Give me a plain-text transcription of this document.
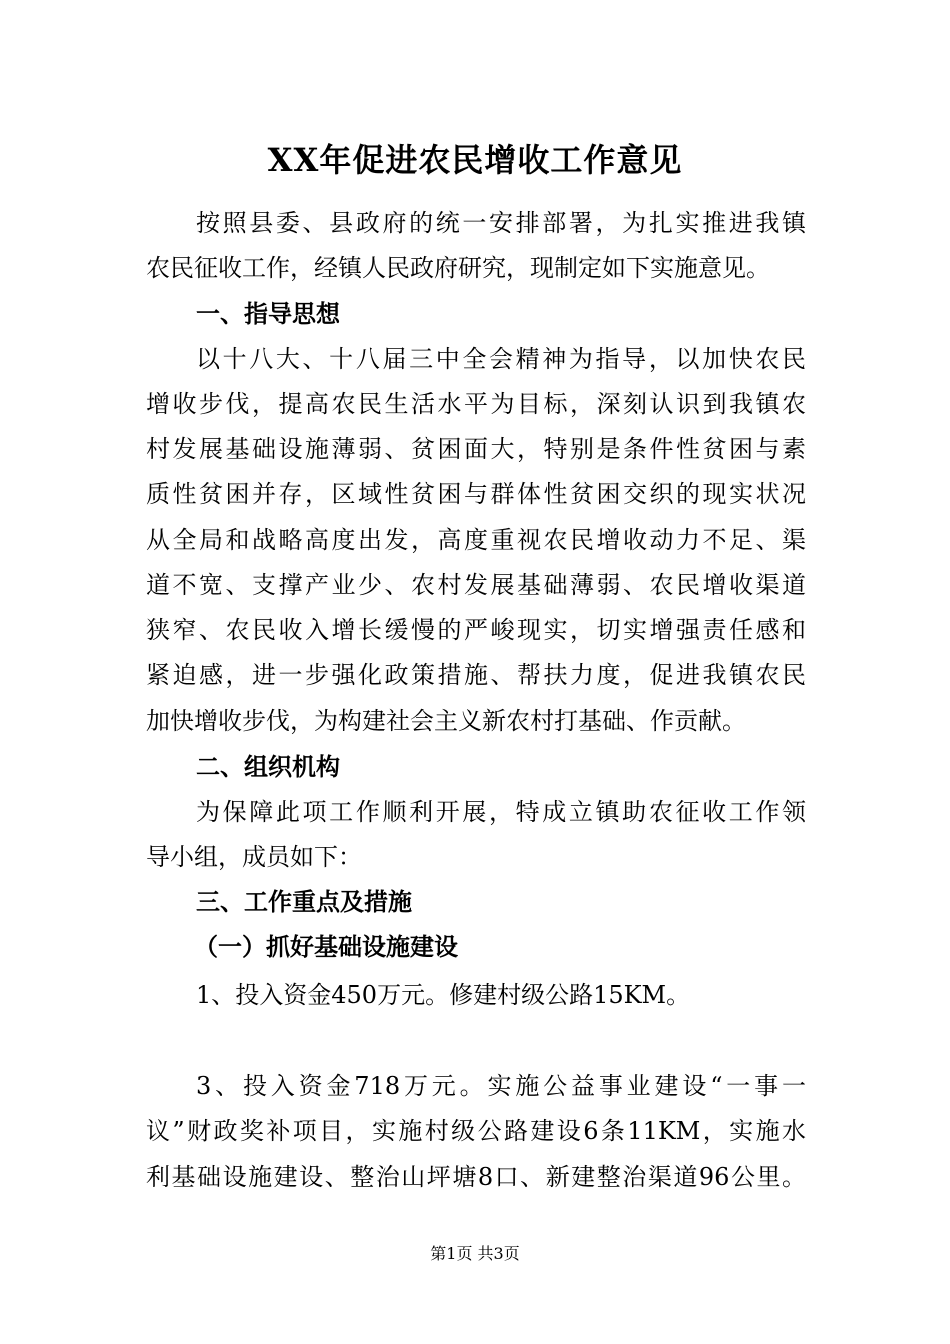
XX年促进农民增收工作意见
按照县委、县政府的统一安排部署，为扎实推进我镇
农民征收工作，经镇人民政府研究，现制定如下实施意见。
一、指导思想
以十八大、十八届三中全会精神为指导，以加快农民
增收步伐，提高农民生活水平为目标，深刻认识到我镇农
村发展基础设施薄弱、贫困面大，特别是条件性贫困与素
质性贫困并存，区域性贫困与群体性贫困交织的现实状况
从全局和战略高度出发，高度重视农民增收动力不足、渠
道不宽、支撑产业少、农村发展基础薄弱、农民增收渠道
狭窄、农民收入增长缓慢的严峻现实，切实增强责任感和
紧迫感，进一步强化政策措施、帮扶力度，促进我镇农民
加快增收步伐，为构建社会主义新农村打基础、作贡献。
二、组织机构
为保障此项工作顺利开展，特成立镇助农征收工作领
导小组，成员如下：
三、工作重点及措施
（一）抓好基础设施建设
1、投入资金450万元。修建村级公路15KM。
3、投入资金718万元。实施公益事业建设“一事一
议”财政奖补项目，实施村级公路建设6条11KM，实施水
利基础设施建设、整治山坪塘8口、新建整治渠道96公里。
第1页 共3页
